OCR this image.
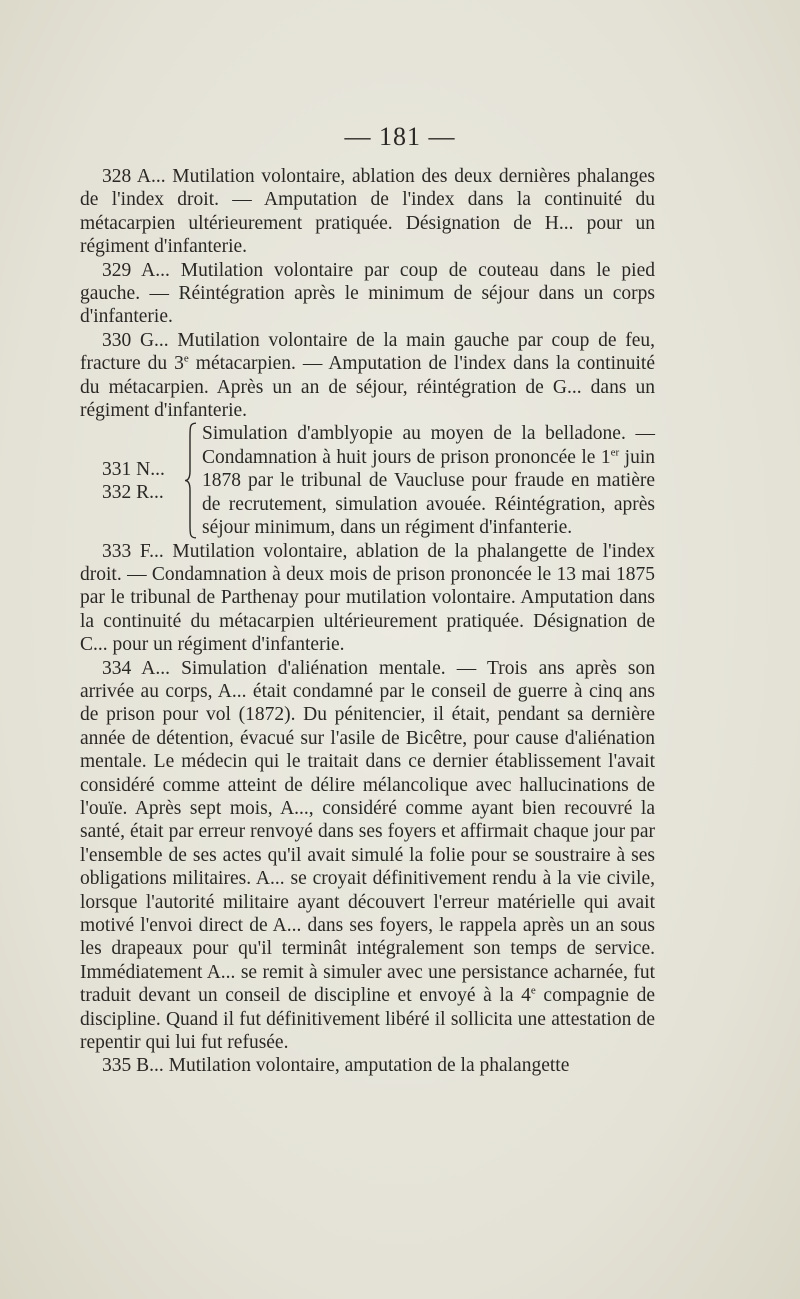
— 181 —

328 A... Mutilation volontaire, ablation des deux dernières phalanges de l'index droit. — Amputation de l'index dans la continuité du métacarpien ultérieurement pratiquée. Désignation de H... pour un régiment d'infanterie.

329 A... Mutilation volontaire par coup de couteau dans le pied gauche. — Réintégration après le minimum de séjour dans un corps d'infanterie.

330 G... Mutilation volontaire de la main gauche par coup de feu, fracture du 3e métacarpien. — Amputation de l'index dans la continuité du métacarpien. Après un an de séjour, réintégration de G... dans un régiment d'infanterie.

331 N...
332 R...
Simulation d'amblyopie au moyen de la belladone. — Condamnation à huit jours de prison prononcée le 1er juin 1878 par le tribunal de Vaucluse pour fraude en matière de recrutement, simulation avouée. Réintégration, après séjour minimum, dans un régiment d'infanterie.

333 F... Mutilation volontaire, ablation de la phalangette de l'index droit. — Condamnation à deux mois de prison prononcée le 13 mai 1875 par le tribunal de Parthenay pour mutilation volontaire. Amputation dans la continuité du métacarpien ultérieurement pratiquée. Désignation de C... pour un régiment d'infanterie.

334 A... Simulation d'aliénation mentale. — Trois ans après son arrivée au corps, A... était condamné par le conseil de guerre à cinq ans de prison pour vol (1872). Du pénitencier, il était, pendant sa dernière année de détention, évacué sur l'asile de Bicêtre, pour cause d'aliénation mentale. Le médecin qui le traitait dans ce dernier établissement l'avait considéré comme atteint de délire mélancolique avec hallucinations de l'ouïe. Après sept mois, A..., considéré comme ayant bien recouvré la santé, était par erreur renvoyé dans ses foyers et affirmait chaque jour par l'ensemble de ses actes qu'il avait simulé la folie pour se soustraire à ses obligations militaires. A... se croyait définitivement rendu à la vie civile, lorsque l'autorité militaire ayant découvert l'erreur matérielle qui avait motivé l'envoi direct de A... dans ses foyers, le rappela après un an sous les drapeaux pour qu'il terminât intégralement son temps de service. Immédiatement A... se remit à simuler avec une persistance acharnée, fut traduit devant un conseil de discipline et envoyé à la 4e compagnie de discipline. Quand il fut définitivement libéré il sollicita une attestation de repentir qui lui fut refusée.

335 B... Mutilation volontaire, amputation de la phalangette
